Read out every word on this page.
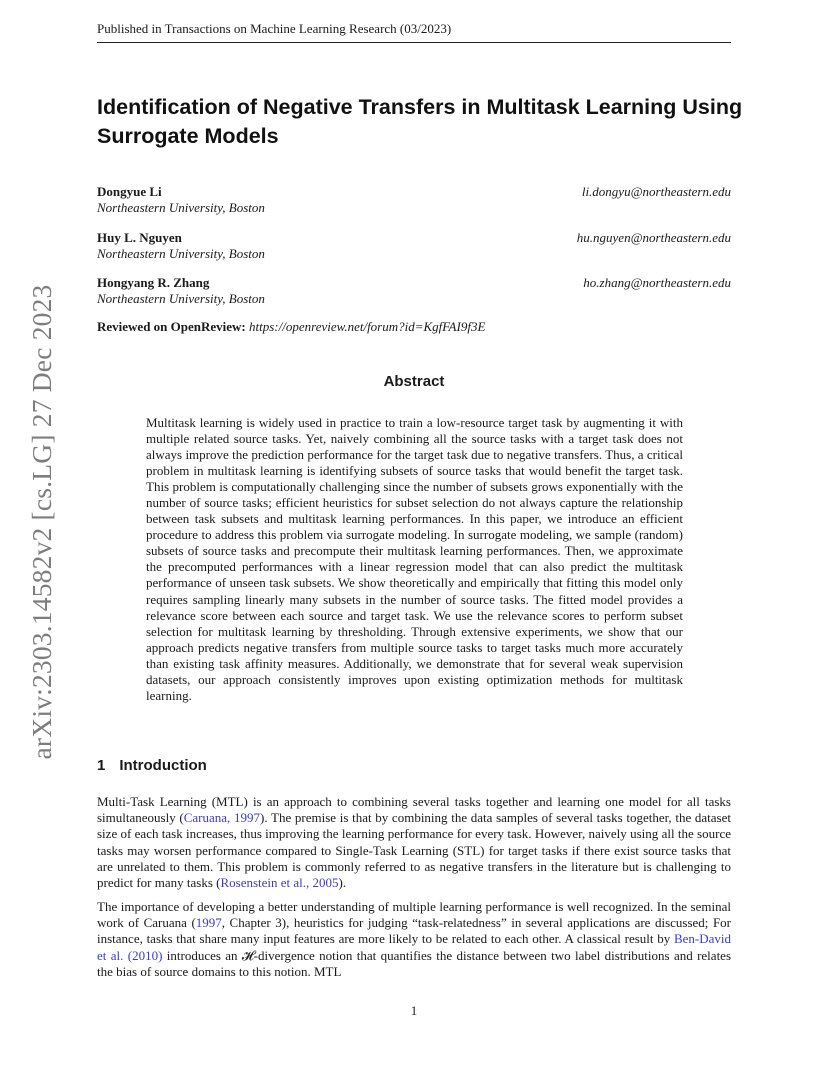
Published in Transactions on Machine Learning Research (03/2023)
Identification of Negative Transfers in Multitask Learning Using Surrogate Models
Dongyue Li
Northeastern University, Boston
li.dongyu@northeastern.edu
Huy L. Nguyen
Northeastern University, Boston
hu.nguyen@northeastern.edu
Hongyang R. Zhang
Northeastern University, Boston
ho.zhang@northeastern.edu
Reviewed on OpenReview: https://openreview.net/forum?id=KgfFAI9f3E
Abstract

Multitask learning is widely used in practice to train a low-resource target task by augmenting it with multiple related source tasks. Yet, naively combining all the source tasks with a target task does not always improve the prediction performance for the target task due to negative transfers. Thus, a critical problem in multitask learning is identifying subsets of source tasks that would benefit the target task. This problem is computationally challenging since the number of subsets grows exponentially with the number of source tasks; efficient heuristics for subset selection do not always capture the relationship between task subsets and multitask learning performances. In this paper, we introduce an efficient procedure to address this problem via surrogate modeling. In surrogate modeling, we sample (random) subsets of source tasks and precompute their multitask learning performances. Then, we approximate the precomputed performances with a linear regression model that can also predict the multitask performance of unseen task subsets. We show theoretically and empirically that fitting this model only requires sampling linearly many subsets in the number of source tasks. The fitted model provides a relevance score between each source and target task. We use the relevance scores to perform subset selection for multitask learning by thresholding. Through extensive experiments, we show that our approach predicts negative transfers from multiple source tasks to target tasks much more accurately than existing task affinity measures. Additionally, we demonstrate that for several weak supervision datasets, our approach consistently improves upon existing optimization methods for multitask learning.

1 Introduction

Multi-Task Learning (MTL) is an approach to combining several tasks together and learning one model for all tasks simultaneously (Caruana, 1997). The premise is that by combining the data samples of several tasks together, the dataset size of each task increases, thus improving the learning performance for every task. However, naively using all the source tasks may worsen performance compared to Single-Task Learning (STL) for target tasks if there exist source tasks that are unrelated to them. This problem is commonly referred to as negative transfers in the literature but is challenging to predict for many tasks (Rosenstein et al., 2005).

The importance of developing a better understanding of multiple learning performance is well recognized. In the seminal work of Caruana (1997, Chapter 3), heuristics for judging “task-relatedness” in several applications are discussed; For instance, tasks that share many input features are more likely to be related to each other. A classical result by Ben-David et al. (2010) introduces an 𝓗-divergence notion that quantifies the distance between two label distributions and relates the bias of source domains to this notion. MTL

arXiv:2303.14582v2 [cs.LG] 27 Dec 2023
1
